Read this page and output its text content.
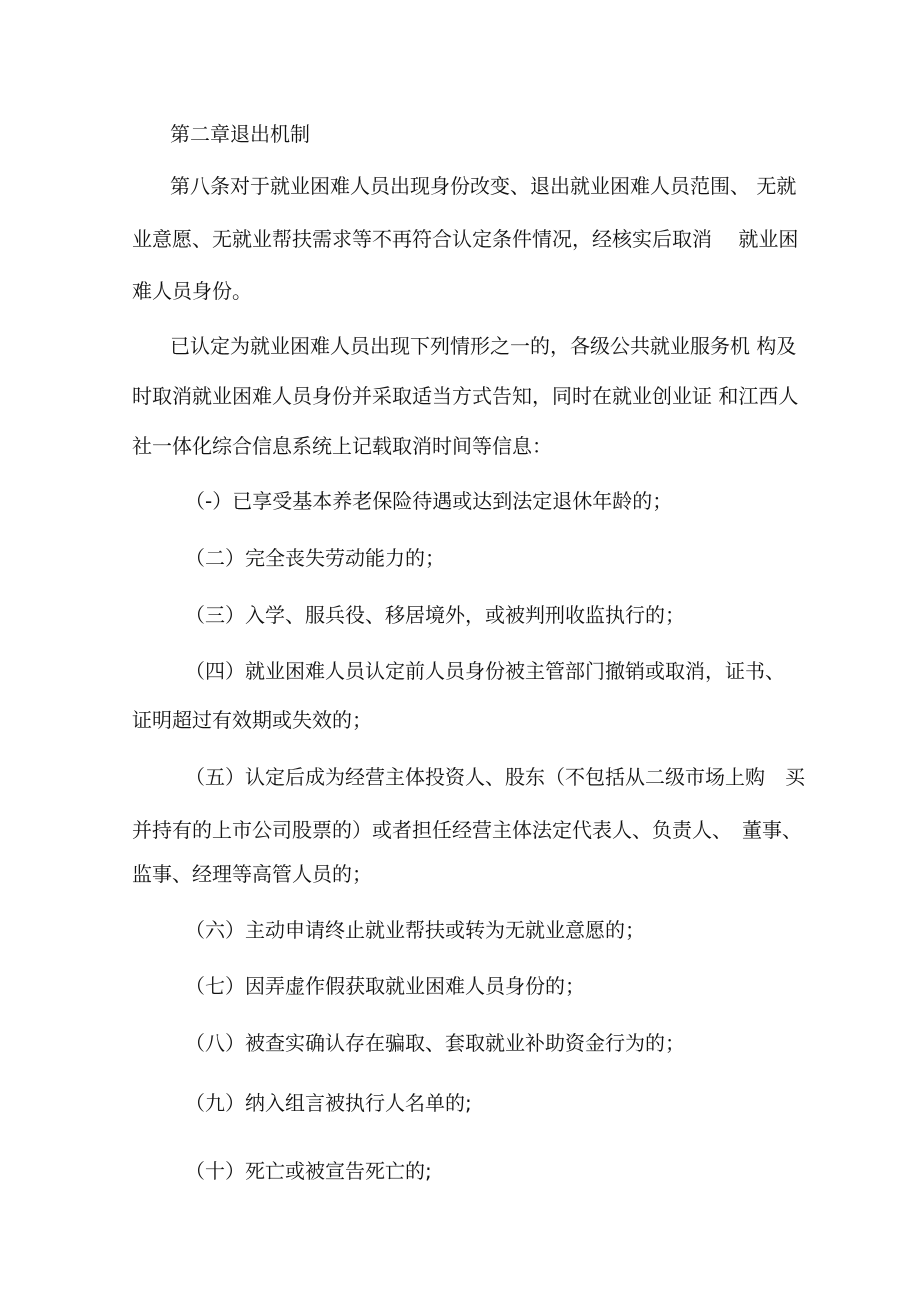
第二章退出机制
第八条对于就业困难人员出现身份改变、退出就业困难人员范围、 无就
业意愿、无就业帮扶需求等不再符合认定条件情况，经核实后取消　 就业困
难人员身份。
已认定为就业困难人员出现下列情形之一的，各级公共就业服务机 构及
时取消就业困难人员身份并采取适当方式告知，同时在就业创业证 和江西人
社一体化综合信息系统上记载取消时间等信息：
（-）已享受基本养老保险待遇或达到法定退休年龄的；
（二）完全丧失劳动能力的；
（三）入学、服兵役、移居境外，或被判刑收监执行的；
（四）就业困难人员认定前人员身份被主管部门撤销或取消，证书、
证明超过有效期或失效的；
（五）认定后成为经营主体投资人、股东（不包括从二级市场上购　买
并持有的上市公司股票的）或者担任经营主体法定代表人、负责人、　董事、
监事、经理等高管人员的；
（六）主动申请终止就业帮扶或转为无就业意愿的；
（七）因弄虚作假获取就业困难人员身份的；
（八）被查实确认存在骗取、套取就业补助资金行为的；
（九）纳入组言被执行人名单的;
（十）死亡或被宣告死亡的;
